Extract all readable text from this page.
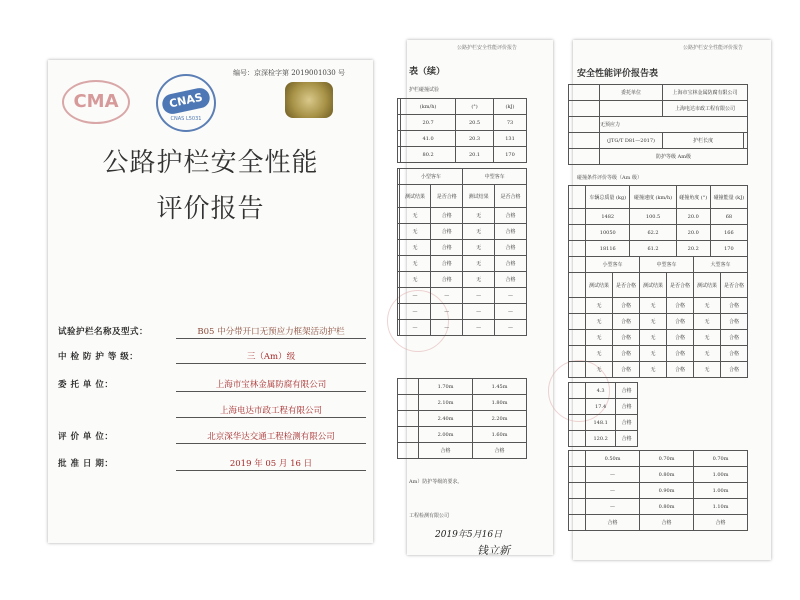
CMA	CNAS
CNAS L5031
编号：京深检字第 2019001030 号
公路护栏安全性能
评价报告
试验护栏名称及型式：	B05 中分带开口无预应力框架活动护栏
中 检 防 护 等 级：	三（Am）级
委 托 单 位：	上海市宝林金属防腐有限公司
上海电达市政工程有限公司
评 价 单 位：	北京深华达交通工程检测有限公司
批 准 日 期：	2019 年 05 月 16 日
公路护栏安全性能评价报告
表（续）
护栏碰撞试验
	(km/h)	(°)	(kJ)
	20.7	20.5	73
	41.0	20.3	131
	80.2	20.1	170
	小型客车		中型客车	
	测试结果	是否合格	测试结果	是否合格
	无	合格	无	合格
	无	合格	无	合格
	无	合格	无	合格
	无	合格	无	合格
	无	合格	无	合格
	—	—	—	—
	—	—	—	—
	—	—	—	—
	1.70m	1.45m
	2.10m	1.80m
	2.40m	2.20m
	2.00m	1.60m
	合格	合格
Am）防护等级的要求。
工程检测有限公司
2019年5月16日
钱立新
公路护栏安全性能评价报告
安全性能评价报告表
	委托单位	上海市宝林金属防腐有限公司	
		上海电达市政工程有限公司	
	无预应力		
	(JTG/T D81—2017)	护栏长度	
	防护等级 Am级		
碰撞条件评价等级（Am 级）
	车辆总质量 (kg)	碰撞速度 (km/h)	碰撞角度 (°)	碰撞能量 (kJ)
	1482	100.5	20.0	68
	10050	62.2	20.0	166
	18116	61.2	20.2	170
	小型客车		中型客车		大型客车	
	测试结果	是否合格	测试结果	是否合格	测试结果	是否合格
	无	合格	无	合格	无	合格
	无	合格	无	合格	无	合格
	无	合格	无	合格	无	合格
	无	合格	无	合格	无	合格
	无	合格	无	合格	无	合格
	4.3	合格
	17.4	合格
	148.1	合格
	120.2	合格
	0.50m	0.70m	0.70m
	—	0.80m	1.00m
	—	0.90m	1.00m
	—	0.80m	1.10m
	合格	合格	合格
